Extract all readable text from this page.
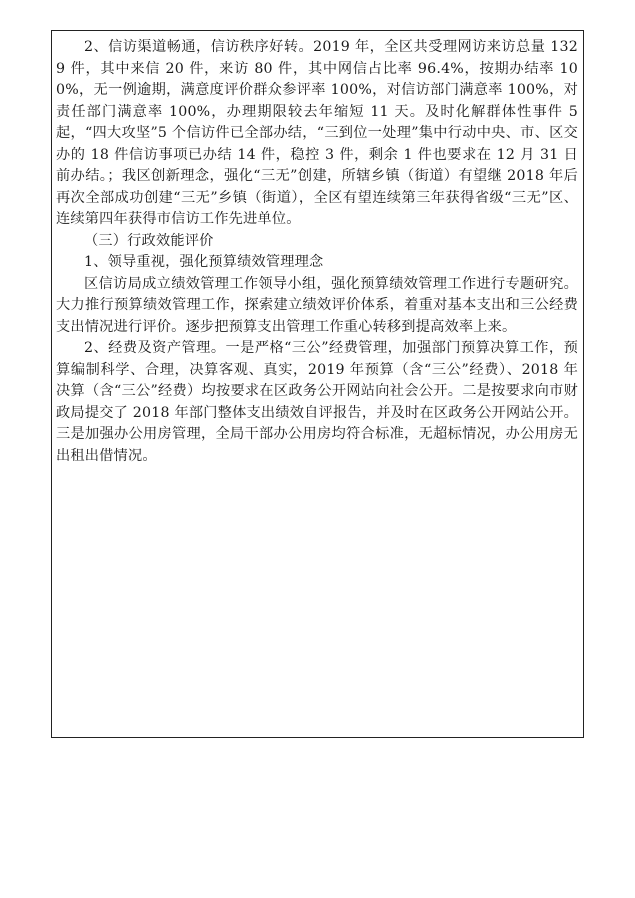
2、信访渠道畅通，信访秩序好转。2019 年，全区共受理网访来访总量 1329 件，其中来信 20 件，来访 80 件，其中网信占比率 96.4%，按期办结率 100%，无一例逾期，满意度评价群众参评率 100%，对信访部门满意率 100%，对责任部门满意率 100%，办理期限较去年缩短 11 天。及时化解群体性事件 5 起，“四大攻坚”5 个信访件已全部办结，“三到位一处理”集中行动中央、市、区交办的 18 件信访事项已办结 14 件，稳控 3 件，剩余 1 件也要求在 12 月 31 日前办结。；我区创新理念，强化“三无”创建，所辖乡镇（街道）有望继 2018 年后再次全部成功创建“三无”乡镇（街道），全区有望连续第三年获得省级“三无”区、连续第四年获得市信访工作先进单位。

（三）行政效能评价

1、领导重视，强化预算绩效管理理念

区信访局成立绩效管理工作领导小组，强化预算绩效管理工作进行专题研究。大力推行预算绩效管理工作，探索建立绩效评价体系，着重对基本支出和三公经费支出情况进行评价。逐步把预算支出管理工作重心转移到提高效率上来。

2、经费及资产管理。一是严格“三公”经费管理，加强部门预算决算工作，预算编制科学、合理，决算客观、真实，2019 年预算（含“三公”经费）、2018 年决算（含“三公”经费）均按要求在区政务公开网站向社会公开。二是按要求向市财政局提交了 2018 年部门整体支出绩效自评报告，并及时在区政务公开网站公开。三是加强办公用房管理，全局干部办公用房均符合标准，无超标情况，办公用房无出租出借情况。
